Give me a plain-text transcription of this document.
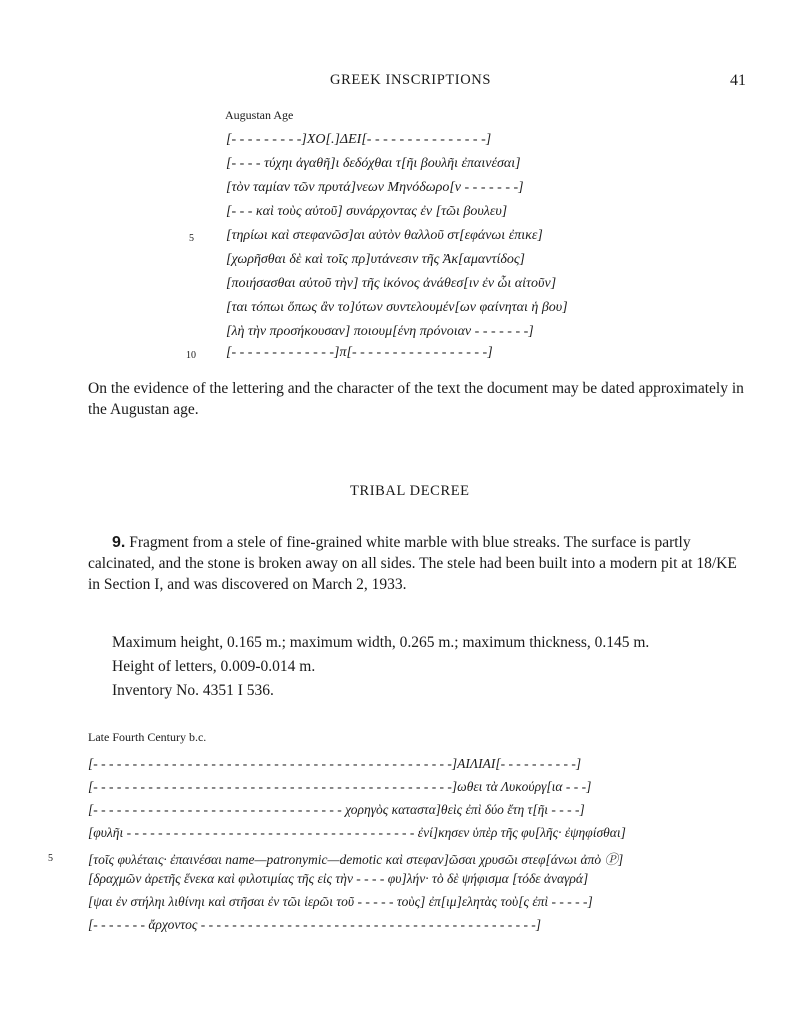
GREEK INSCRIPTIONS	41
Augustan Age
[- - - - - - - - -]ΧΟ[.]ΔΕΙ[- - - - - - - - - - - - - - -]
[- - - - τύχηι ἀγαθῆ]ι δεδόχθαι τ[ῆι βουλῆι ἐπαινέσαι]
[τὸν ταμίαν τῶν πρυτά]νεων Μηνόδωρο[ν - - - - - - -]
[- - - καὶ τοὺς αὐτοῦ] συνάρχοντας ἐν [τῶι βουλευ]
[τηρίωι καὶ στεφανῶσ]αι αὐτὸν θαλλοῦ στ[εφάνωι ἐπικε]
[χωρῆσθαι δὲ καὶ τοῖς πρ]υτάνεσιν τῆς Ἀκ[αμαντίδος]
[ποιήσασθαι αὐτοῦ τὴν] τῆς ἰκόνος ἀνάθεσ[ιν ἐν ὧι αἰτοῦν]
[ται τόπωι ὅπως ἂν το]ύτων συντελουμέν[ων φαίνηται ἡ βου]
[λὴ τὴν προσήκουσαν] ποιουμ[ένη πρόνοιαν - - - - - - -]
[- - - - - - - - - - - - -]π[- - - - - - - - - - - - - - - - -]
5
10
On the evidence of the lettering and the character of the text the document may be dated approximately in the Augustan age.
TRIBAL DECREE
9. Fragment from a stele of fine-grained white marble with blue streaks. The surface is partly calcinated, and the stone is broken away on all sides. The stele had been built into a modern pit at 18/ΚΕ in Section Ι, and was discovered on March 2, 1933.
Maximum height, 0.165 m.; maximum width, 0.265 m.; maximum thickness, 0.145 m.
Height of letters, 0.009-0.014 m.
Inventory No. 4351 I 536.
Late Fourth Century b.c.
[- - - - - - - - - - - - - - - - - - - - - - - - - - - - - - - - - - - - - - - - - - - - - -]ΑΙΛΙΑΙ[- - - - - - - - - -]
[- - - - - - - - - - - - - - - - - - - - - - - - - - - - - - - - - - - - - - - - - - - - - -]ωθει τὰ Λυκούργ[ια - - -]
[- - - - - - - - - - - - - - - - - - - - - - - - - - - - - - - - χορηγὸς καταστα]θεὶς ἐπὶ δύο ἔτη τ[ῆι - - - -]
[φυλῆι - - - - - - - - - - - - - - - - - - - - - - - - - - - - - - - - - - - - - ἐνί]κησεν ὑπὲρ τῆς φυ[λῆς· ἐψηφίσθαι]
[τοῖς φυλέταις· ἐπαινέσαι name—patronymic—demotic καὶ στεφαν]ῶσαι χρυσῶι στεφ[άνωι ἀπὸ Ⓟ]
[δραχμῶν ἀρετῆς ἕνεκα καὶ φιλοτιμίας τῆς εἰς τὴν - - - - φυ]λήν· τὸ δὲ ψήφισμα [τόδε ἀναγρά]
[ψαι ἐν στήληι λιθίνηι καὶ στῆσαι ἐν τῶι ἱερῶι τοῦ - - - - - τοὺς] ἐπ[ιμ]ελητὰς τοὺ[ς ἐπὶ - - - - -]
[- - - - - - - ἄρχοντος - - - - - - - - - - - - - - - - - - - - - - - - - - - - - - - - - - - - - - - - - - -]
5
